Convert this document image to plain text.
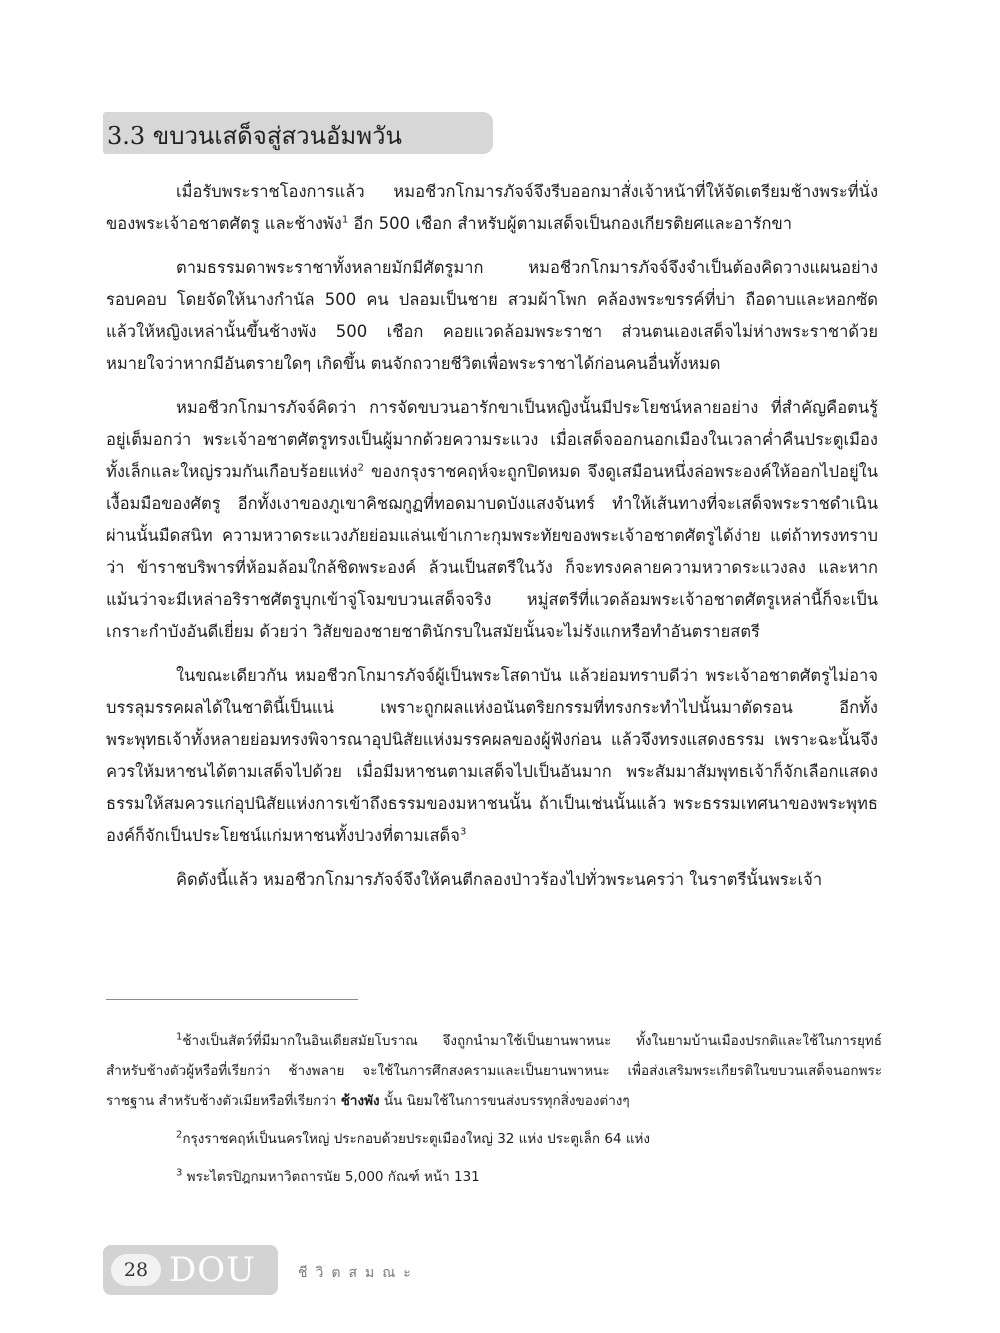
3.3 ขบวนเสด็จสู่สวนอัมพวัน

เมื่อรับพระราชโองการแล้ว หมอชีวกโกมารภัจจ์จึงรีบออกมาสั่งเจ้าหน้าที่ให้จัดเตรียมช้างพระที่นั่งของพระเจ้าอชาตศัตรู และช้างพัง$^1$ อีก 500 เชือก สำหรับผู้ตามเสด็จเป็นกองเกียรติยศและอารักขา

ตามธรรมดาพระราชาทั้งหลายมักมีศัตรูมาก หมอชีวกโกมารภัจจ์จึงจำเป็นต้องคิดวางแผนอย่างรอบคอบ โดยจัดให้นางกำนัล 500 คน ปลอมเป็นชาย สวมผ้าโพก คล้องพระขรรค์ที่บ่า ถือดาบและหอกซัด แล้วให้หญิงเหล่านั้นขึ้นช้างพัง 500 เชือก คอยแวดล้อมพระราชา ส่วนตนเองเสด็จไม่ห่างพระราชาด้วยหมายใจว่าหากมีอันตรายใดๆ เกิดขึ้น ตนจักถวายชีวิตเพื่อพระราชาได้ก่อนคนอื่นทั้งหมด

หมอชีวกโกมารภัจจ์คิดว่า การจัดขบวนอารักขาเป็นหญิงนั้นมีประโยชน์หลายอย่าง ที่สำคัญคือตนรู้อยู่เต็มอกว่า พระเจ้าอชาตศัตรูทรงเป็นผู้มากด้วยความระแวง เมื่อเสด็จออกนอกเมืองในเวลาค่ำคืนประตูเมืองทั้งเล็กและใหญ่รวมกันเกือบร้อยแห่ง$^2$ ของกรุงราชคฤห์จะถูกปิดหมด จึงดูเสมือนหนึ่งล่อพระองค์ให้ออกไปอยู่ในเงื้อมมือของศัตรู อีกทั้งเงาของภูเขาคิชฌกูฏที่ทอดมาบดบังแสงจันทร์ ทำให้เส้นทางที่จะเสด็จพระราชดำเนินผ่านนั้นมืดสนิท ความหวาดระแวงภัยย่อมแล่นเข้าเกาะกุมพระทัยของพระเจ้าอชาตศัตรูได้ง่าย แต่ถ้าทรงทราบว่า ข้าราชบริพารที่ห้อมล้อมใกล้ชิดพระองค์ ล้วนเป็นสตรีในวัง ก็จะทรงคลายความหวาดระแวงลง และหากแม้นว่าจะมีเหล่าอริราชศัตรูบุกเข้าจู่โจมขบวนเสด็จจริง หมู่สตรีที่แวดล้อมพระเจ้าอชาตศัตรูเหล่านี้ก็จะเป็นเกราะกำบังอันดีเยี่ยม ด้วยว่า วิสัยของชายชาตินักรบในสมัยนั้นจะไม่รังแกหรือทำอันตรายสตรี

ในขณะเดียวกัน หมอชีวกโกมารภัจจ์ผู้เป็นพระโสดาบัน แล้วย่อมทราบดีว่า พระเจ้าอชาตศัตรูไม่อาจบรรลุมรรคผลได้ในชาตินี้เป็นแน่ เพราะถูกผลแห่งอนันตริยกรรมที่ทรงกระทำไปนั้นมาตัดรอน อีกทั้งพระพุทธเจ้าทั้งหลายย่อมทรงพิจารณาอุปนิสัยแห่งมรรคผลของผู้ฟังก่อน แล้วจึงทรงแสดงธรรม เพราะฉะนั้นจึงควรให้มหาชนได้ตามเสด็จไปด้วย เมื่อมีมหาชนตามเสด็จไปเป็นอันมาก พระสัมมาสัมพุทธเจ้าก็จักเลือกแสดงธรรมให้สมควรแก่อุปนิสัยแห่งการเข้าถึงธรรมของมหาชนนั้น ถ้าเป็นเช่นนั้นแล้ว พระธรรมเทศนาของพระพุทธองค์ก็จักเป็นประโยชน์แก่มหาชนทั้งปวงที่ตามเสด็จ$^3$

คิดดังนี้แล้ว หมอชีวกโกมารภัจจ์จึงให้คนตีกลองป่าวร้องไปทั่วพระนครว่า ในราตรีนั้นพระเจ้า

$^1$ช้างเป็นสัตว์ที่มีมากในอินเดียสมัยโบราณ จึงถูกนำมาใช้เป็นยานพาหนะ ทั้งในยามบ้านเมืองปรกติและใช้ในการยุทธ์ สำหรับช้างตัวผู้หรือที่เรียกว่า ช้างพลาย จะใช้ในการศึกสงครามและเป็นยานพาหนะ เพื่อส่งเสริมพระเกียรติในขบวนเสด็จนอกพระราชฐาน สำหรับช้างตัวเมียหรือที่เรียกว่า ช้างพัง นั้น นิยมใช้ในการขนส่งบรรทุกสิ่งของต่างๆ

$^2$กรุงราชคฤห์เป็นนครใหญ่ ประกอบด้วยประตูเมืองใหญ่ 32 แห่ง ประตูเล็ก 64 แห่ง

$^3$ พระไตรปิฎกมหาวิตถารนัย 5,000 กัณฑ์ หน้า 131

28 DOU	ชีวิตสมณะ
